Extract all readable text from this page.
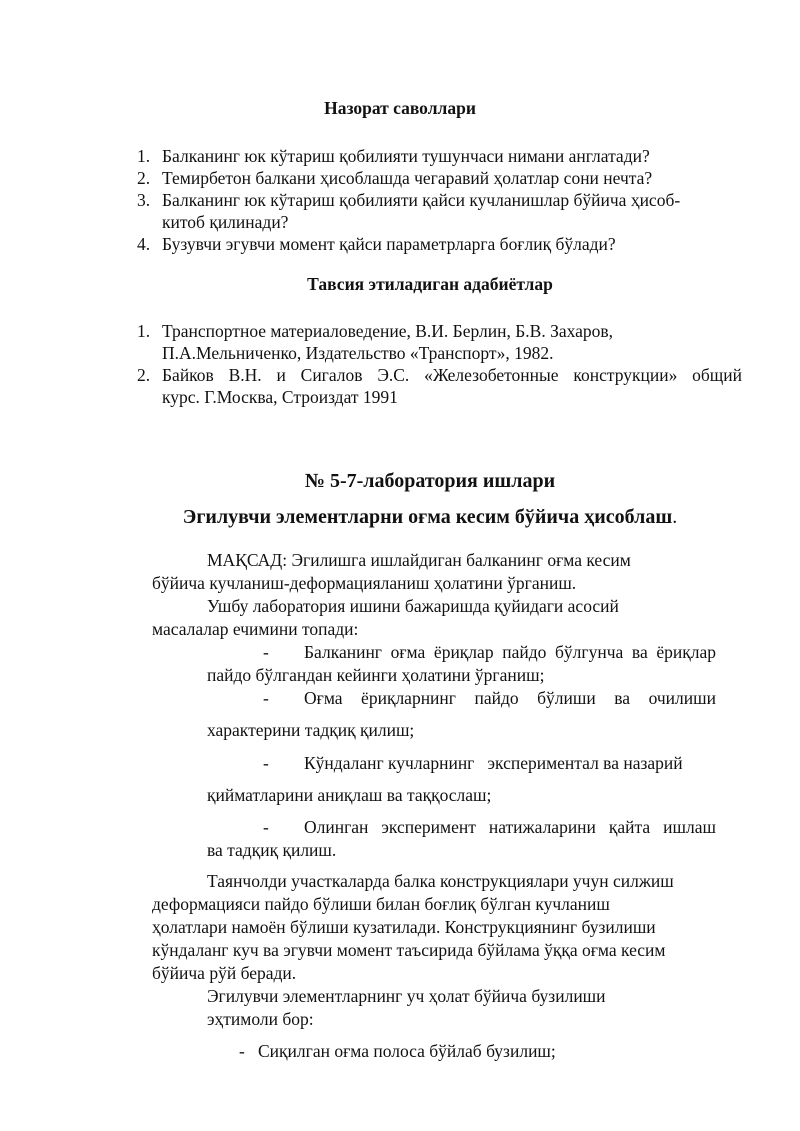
Назорат саволлари
1. Балканинг юк кўтариш қобилияти тушунчаси нимани англатади?
2. Темирбетон балкани ҳисоблашда чегаравий ҳолатлар сони нечта?
3. Балканинг юк кўтариш қобилияти қайси кучланишлар бўйича ҳисоб-
китоб қилинади?
4. Бузувчи эгувчи момент қайси параметрларга боғлиқ бўлади?
Тавсия этиладиган адабиётлар
1. Транспортное материаловедение, В.И. Берлин, Б.В. Захаров,
П.А.Мельниченко, Издательство «Транспорт», 1982.
2. Байков В.Н. и Сигалов Э.С. «Железобетонные конструкции» общий
курс. Г.Москва, Строиздат 1991
№ 5-7-лаборатория ишлари
Эгилувчи элементларни оғма кесим бўйича ҳисоблаш.
МАҚСАД: Эгилишга ишлайдиган балканинг оғма кесим
бўйича кучланиш-деформацияланиш ҳолатини ўрганиш.
Ушбу лаборатория ишини бажаришда қуйидаги асосий
масалалар ечимини топади:
- Балканинг оғма ёриқлар пайдо бўлгунча ва ёриқлар
пайдо бўлгандан кейинги ҳолатини ўрганиш;
- Оғма ёриқларнинг пайдо бўлиши ва очилиши
характерини тадқиқ қилиш;
- Кўндаланг кучларнинг   экспериментал ва назарий
қийматларини аниқлаш ва таққослаш;
- Олинган эксперимент натижаларини қайта ишлаш
ва тадқиқ қилиш.
Таянчолди участкаларда балка конструкциялари учун силжиш
деформацияси пайдо бўлиши билан боғлиқ бўлган кучланиш
ҳолатлари намоён бўлиши кузатилади. Конструкциянинг бузилиши
кўндаланг куч ва эгувчи момент таъсирида бўйлама ўққа оғма кесим
бўйича рўй беради.
Эгилувчи элементларнинг уч ҳолат бўйича бузилиши
эҳтимоли бор:
- Сиқилган оғма полоса бўйлаб бузилиш;
